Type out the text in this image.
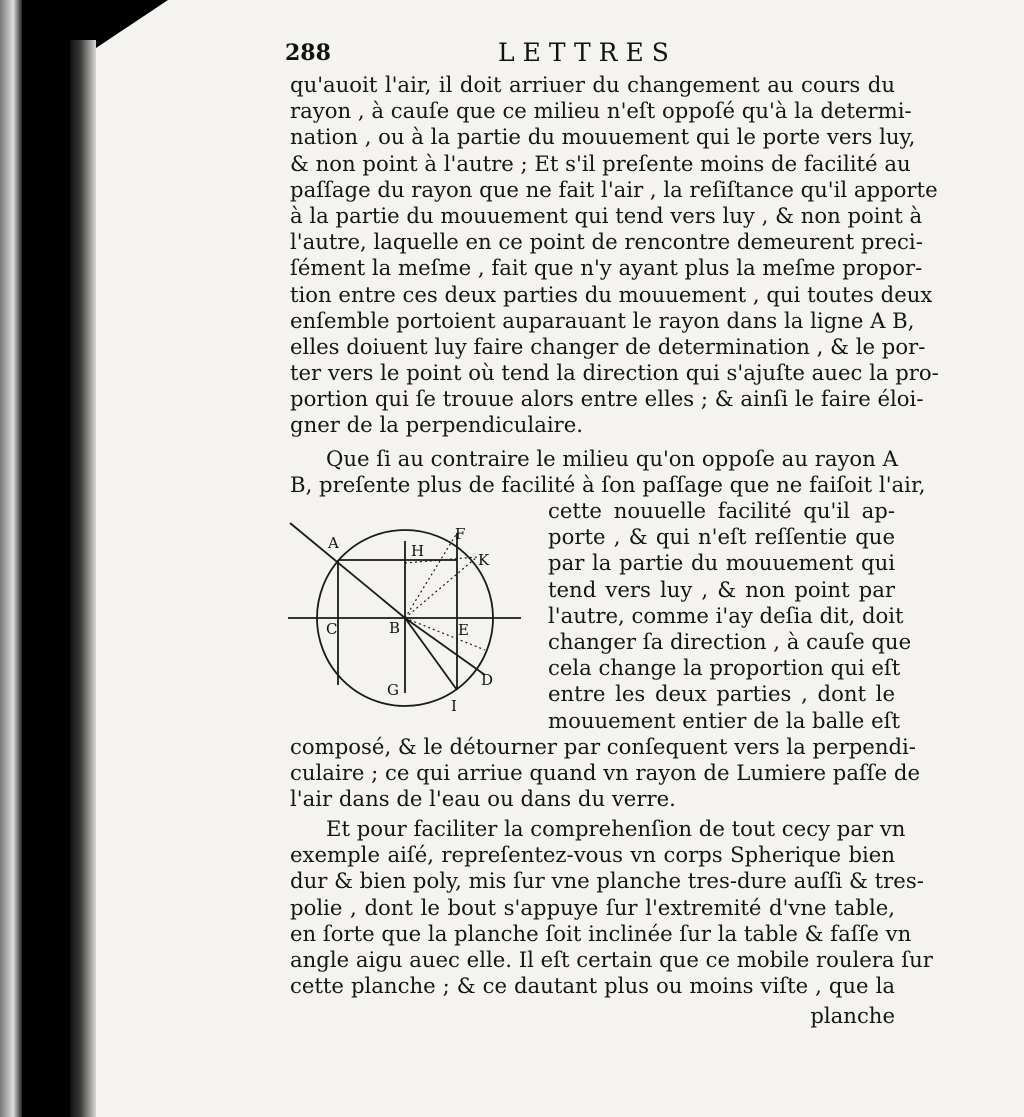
288	LETTRES
qu'auoit l'air, il doit arriuer du changement au cours du
rayon , à cauſe que ce milieu n'eſt oppoſé qu'à la determi-
nation , ou à la partie du mouuement qui le porte vers luy,
& non point à l'autre ; Et s'il preſente moins de facilité au
paſſage du rayon que ne fait l'air , la reſiſtance qu'il apporte
à la partie du mouuement qui tend vers luy , & non point à
l'autre, laquelle en ce point de rencontre demeurent preci-
ſément la meſme , fait que n'y ayant plus la meſme propor-
tion entre ces deux parties du mouuement , qui toutes deux
enſemble portoient auparauant le rayon dans la ligne A B,
elles doiuent luy faire changer de determination , & le por-
ter vers le point où tend la direction qui s'ajuſte auec la pro-
portion qui ſe trouue alors entre elles ; & ainſi le faire éloi-
gner de la perpendiculaire.
Que ſi au contraire le milieu qu'on oppoſe au rayon A
B, preſente plus de facilité à ſon paſſage que ne faiſoit l'air,
cette nouuelle facilité qu'il ap-
porte , & qui n'eſt reſſentie que
par la partie du mouuement qui
tend vers luy , & non point par
l'autre, comme i'ay deſia dit, doit
changer ſa direction , à cauſe que
cela change la proportion qui eſt
entre les deux parties , dont le
mouuement entier de la balle eſt
composé, & le détourner par conſequent vers la perpendi-
culaire ; ce qui arriue quand vn rayon de Lumiere paſſe de
l'air dans de l'eau ou dans du verre.
Et pour faciliter la comprehenſion de tout cecy par vn
exemple aiſé, repreſentez-vous vn corps Spherique bien
dur & bien poly, mis ſur vne planche tres-dure auſſi & tres-
polie , dont le bout s'appuye ſur l'extremité d'vne table,
en ſorte que la planche ſoit inclinée ſur la table & faſſe vn
angle aigu auec elle. Il eſt certain que ce mobile roulera ſur
cette planche ; & ce dautant plus ou moins viſte , que la
planche
A	H
F
K
C	B	E
G
D
I
